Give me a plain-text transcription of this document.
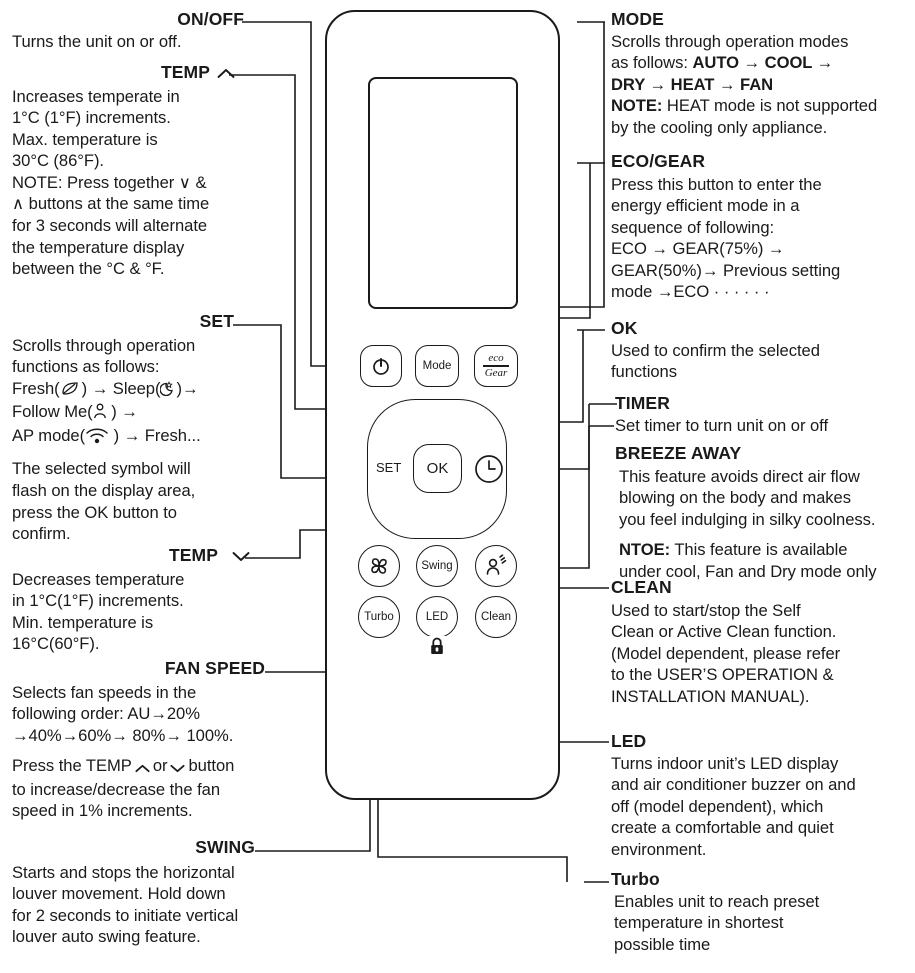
Mode
eco
Gear
SET OK
Swing
Turbo	LED	Clean
ON/OFF
Turns the unit on or off.
TEMP
Increases temperate in
1°C (1°F) increments.
Max. temperature is
30°C (86°F).
NOTE: Press together ∨ &
∧ buttons at the same time
for 3 seconds will alternate
the temperature display
between the °C & °F.
SET
Scrolls through operation
functions as follows:
Fresh( ) → Sleep( )→
Follow Me( ) →
AP mode( ) → Fresh...
The selected symbol will
flash on the display area,
press the OK button to
confirm.
TEMP
Decreases temperature
in 1°C(1°F) increments.
Min. temperature is
16°C(60°F).
FAN SPEED
Selects fan speeds in the
following order: AU→20%
→40%→60%→ 80%→ 100%.
Press the TEMP or button
to increase/decrease the fan
speed in 1% increments.
SWING
Starts and stops the horizontal
louver movement. Hold down
for 2 seconds to initiate vertical
louver auto swing feature.
MODE
Scrolls through operation modes
as follows: AUTO → COOL →
DRY → HEAT → FAN
NOTE: HEAT mode is not supported
by the cooling only appliance.
ECO/GEAR
Press this button to enter the
energy efficient mode in a
sequence of following:
ECO → GEAR(75%) →
GEAR(50%)→ Previous setting
mode →ECO · · · · · ·
OK
Used to confirm the selected
functions
TIMER
Set timer to turn unit on or off
BREEZE AWAY
This feature avoids direct air flow
blowing on the body and makes
you feel indulging in silky coolness.
NTOE: This feature is available
under cool, Fan and Dry mode only
CLEAN
Used to start/stop the Self
Clean or Active Clean function.
(Model dependent, please refer
to the USER’S OPERATION &
INSTALLATION MANUAL).
LED
Turns indoor unit’s LED display
and air conditioner buzzer on and
off (model dependent), which
create a comfortable and quiet
environment.
Turbo
Enables unit to reach preset
temperature in shortest
possible time
